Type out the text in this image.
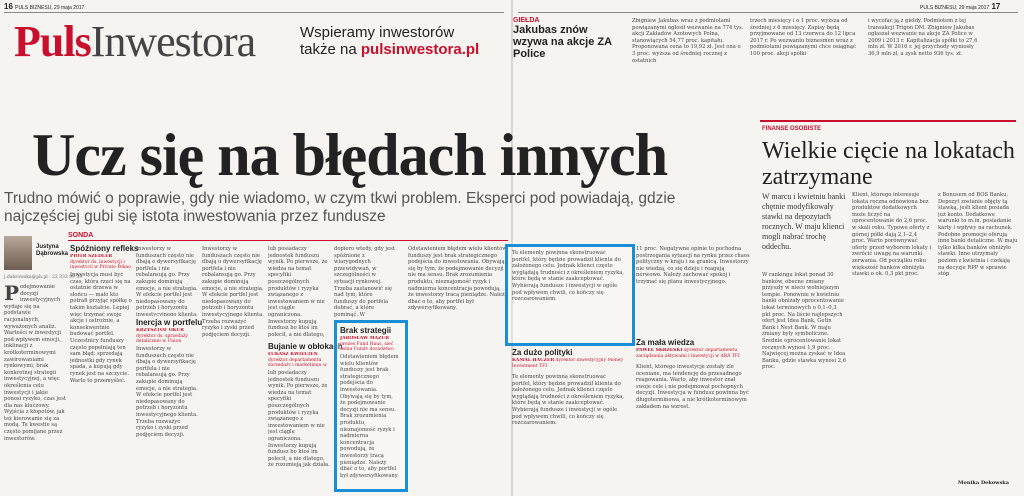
16 PULS BIZNESU, 29 maja 2017	PULS BIZNESU, 29 maja 2017 17
PulsInwestora	Wspieramy inwestorów
także na pulsinwestora.pl
GIEŁDA
Jakubas znów wzywa na akcje ZA Police
Zbigniew Jakubas wraz z podmiotami powiązanymi ogłosił wezwanie na 774 tys. akcji Zakładów Azotowych Polna, stanowiących 54,77 proc. kapitału. Proponowana cena to 19,92 zł. Jest ona o 3 proc. wyższa od średniej rocznej z ostatnich
trzech miesięcy i o 1 proc. wyższa od średniej z 6 miesięcy. Zapisy będą przyjmowane od 13 czerwca do 12 lipca 2017 r. Po wezwaniu biznesmen wraz z podmiotami powiązanymi chce osiągnąć 100 proc. akcji spółki
i wycofać ją z giełdy. Podmiotem z tej transakcji Trigon DM. Zbigniew Jakubas ogłaszał wezwanie na akcje ZA Police w 2009 i 2013 r. Kapitalizacja spółki to 27,6 mln zł. W 2016 r. jej przychody wyniosły 36,9 mln zł, a zysk netto 936 tys. zł.
Ucz się na błędach innych
Trudno mówić o poprawie, gdy nie wiadomo, w czym tkwi problem. Eksperci pod powiadają, gdzie najczęściej gubi się istota inwestowania przez fundusze
SONDA
Justyna
Dąbrowska
j.dabrowska@pb.pl · 22 333 99 39
Podejmowanie decyzji inwestycyjnych wydaje się na podstawie racjonalnych, wyważonych analiz. Wartości w inwestycji pod wpływem emocji, inklinacji z krótkoterminowymi zawirowaniami rynkowymi, brak konkretnej strategii inwestycyjnej, a więc określenia celu inwestycji i jakie ponosi ryzyko, czas jest dla nas kluczowy. Wyjścia z kłopotów, jak też kierowanie się za modą. Te kwestie są często pomijane przez inwestorów.
Spóźniony refleks
PIOTR SZEDLER dyrektor ds. inwestycji i inwestycji w Private Pekao
Inwestycja musi być czas, która rzuci się na ostatnie drzewa w słońcu — mało kto potrafi przyjąć spółkę o takim kształcie. Lepiej więc trzymać swoje akcje i ostrożnie, a konsekwentnie budować portfel. Uczestnicy funduszy często popełniają ten sam błąd: sprzedają jednostki gdy rynek spada, a kupują gdy rynek jest na szczycie. Warto to przemyśleć.
Inercja w portfelu
KRZYSZTOF OKUR dyrektor ds. sprzedaży detalicznej w Union
Inwestorzy w funduszach często nie dbają o dywersyfikację portfela i nie rebalansują go. Przy zakupie dominują emocje, a nie strategia. W efekcie portfel jest niedopasowany do potrzeb i horyzontu inwestycyjnego klienta.
Inwestorzy w funduszach często nie dbają o dywersyfikację portfela i nie rebalansują go. Przy zakupie dominują emocje, a nie strategia. W efekcie portfel jest niedopasowany do potrzeb i horyzontu inwestycyjnego klienta. Trzeba rozważyć ryzyko i zyski przed podjęciem decyzji.
Inwestorzy w funduszach często nie dbają o dywersyfikację portfela i nie rebalansują go. Przy zakupie dominują emocje, a nie strategia. W efekcie portfel jest niedopasowany do potrzeb i horyzontu inwestycyjnego klienta. Trzeba rozważyć ryzyko i zyski przed podjęciem decyzji.
lub posiadaczy jednostek funduszu wynik. Po pierwsze, że wiedza na temat specyfiki poszczególnych produktów i ryzyka związanego z inwestowaniem w nie jest ciągle ograniczona. Inwestorzy kupują fundusz bo ktoś im polecił, a nie dlatego,
Bujanie w obłokach
ŁUKASZ KWIECIEŃ dyrektor departamentu sprzedaży i marketingu w
lub posiadaczy jednostek funduszu wynik. Po pierwsze, że wiedza na temat specyfiki poszczególnych produktów i ryzyka związanego z inwestowaniem w nie jest ciągle ograniczona. Inwestorzy kupują fundusz bo ktoś im polecił, a nie dlatego, że rozumieją jak działa.
dopiero wtedy, gdy jest spóźnione z wiarygodnych przewidywań, w szczególności w sytuacji rynkowej. Trzeba zastanowić się nad tym, które funduszy do portfela dobrać, a które pominąć. W
Brak strategii
JAROSŁAW MAZUR prezes Fund Haus, sieć usług Fundy doradztwo
Odstawieniem błędem wielu klientów funduszy jest brak strategicznego podejścia do inwestowania. Obywają się by tym, że podejmowanie decyzji nie ma sensu. Brak zrozumienia produktu, nieznajomość ryzyk i nadmierna koncentracja powodują, że inwestorzy tracą pieniądze. Należy dbać o to, aby portfel był zdywersyfikowany.
Odstawieniem błędem wielu klientów funduszy jest brak strategicznego podejścia do inwestowania. Obywają się by tym, że podejmowanie decyzji nie ma sensu. Brak zrozumienia produktu, nieznajomość ryzyk i nadmierna koncentracja powodują, że inwestorzy tracą pieniądze. Należy dbać o to, aby portfel był zdywersyfikowany.
Te elementy powinna skonstruować portfel, który będzie prowadził klienta do założonego celu. Jednak klienci często wyglądają trudności z określeniem ryzyka, które będą w stanie zaakceptować. Wybierają fundusze i inwestycji w ogóle pod wpływem chwili, co kończy się rozczarowaniem.
Za dużo polityki
KAMAL HACZER dyrektor inwestycyjny Money Investment TFI
Te elementy powinna skonstruować portfel, który będzie prowadził klienta do założonego celu. Jednak klienci często wyglądają trudności z określeniem ryzyka, które będą w stanie zaakceptować. Wybierają fundusze i inwestycji w ogóle pod wpływem chwili, co kończy się rozczarowaniem.
11 proc. Negatywne opinie to pochodna postrzegania sytuacji na rynku przez chaos polityczny w kraju i za granicą. Inwestorzy nie wiedzą, co się dzieje i reagują nerwowo. Należy zachować spokój i trzymać się planu inwestycyjnego.
Za mała wiedza
PAWEŁ SKRZESKI dyrektor departamentu zarządzania aktywami i inwestycji w ARA TFI
Klient, którego inwestycje zostały źle oceniane, ma tendencję do przesadnego reagowania. Warto, aby inwestor znał swoje cele i nie podejmował pochopnych decyzji. Inwestycja w fundusz powinna być długoterminowa, a nie krótkoterminowym zakładem na wzrost.
FINANSE OSOBISTE
Wielkie cięcie na lokatach zatrzymane
W marcu i kwietniu banki chętnie modyfikowały stawki na depozytach rocznych. W maju klienci mogli nabrać trochę oddechu.
W rankingu lokat ponad 30 banków, obecne zmiany przyszły w nieco wolniejszym tempie. Ponownie w kwietniu banki obniżały oprocentowanie lokat terminowych o 0,1–0,3 pkt proc. Na liście najlepszych ofert jest Idea Bank, Getin Bank i Nest Bank. W maju zmiany były symboliczne. Średnie oprocentowanie lokat rocznych wynosi 1,9 proc. Najwięcej można zyskać w Idea Banku, gdzie stawka wynosi 2,6 proc.
Klient, którego interesuje lokata roczna odnowiona bez produktów dodatkowych może liczyć na oprocentowanie do 2,6 proc. w skali roku. Typowe oferty z górnej półki dają 2,1–2,4 proc. Warto porównywać oferty przed wyborem lokaty i zwrócić uwagę na warunki zerwania. Od początku roku większość banków obniżyła stawki o ok. 0,3 pkt proc.
z Bonusem od BOS Banku. Depozyt zostanie objęty tą stawką, jeśli klient posiada już konto. Dodatkowe warunki to m.in. posiadanie karty i wpływy na rachunek. Podobne promocje oferują inne banki detaliczne. W maju tylko kilka banków obniżyło stawki. Inne utrzymały poziom z kwietnia i czekają na decyzje RPP w sprawie stóp.
Monika Dekowska
